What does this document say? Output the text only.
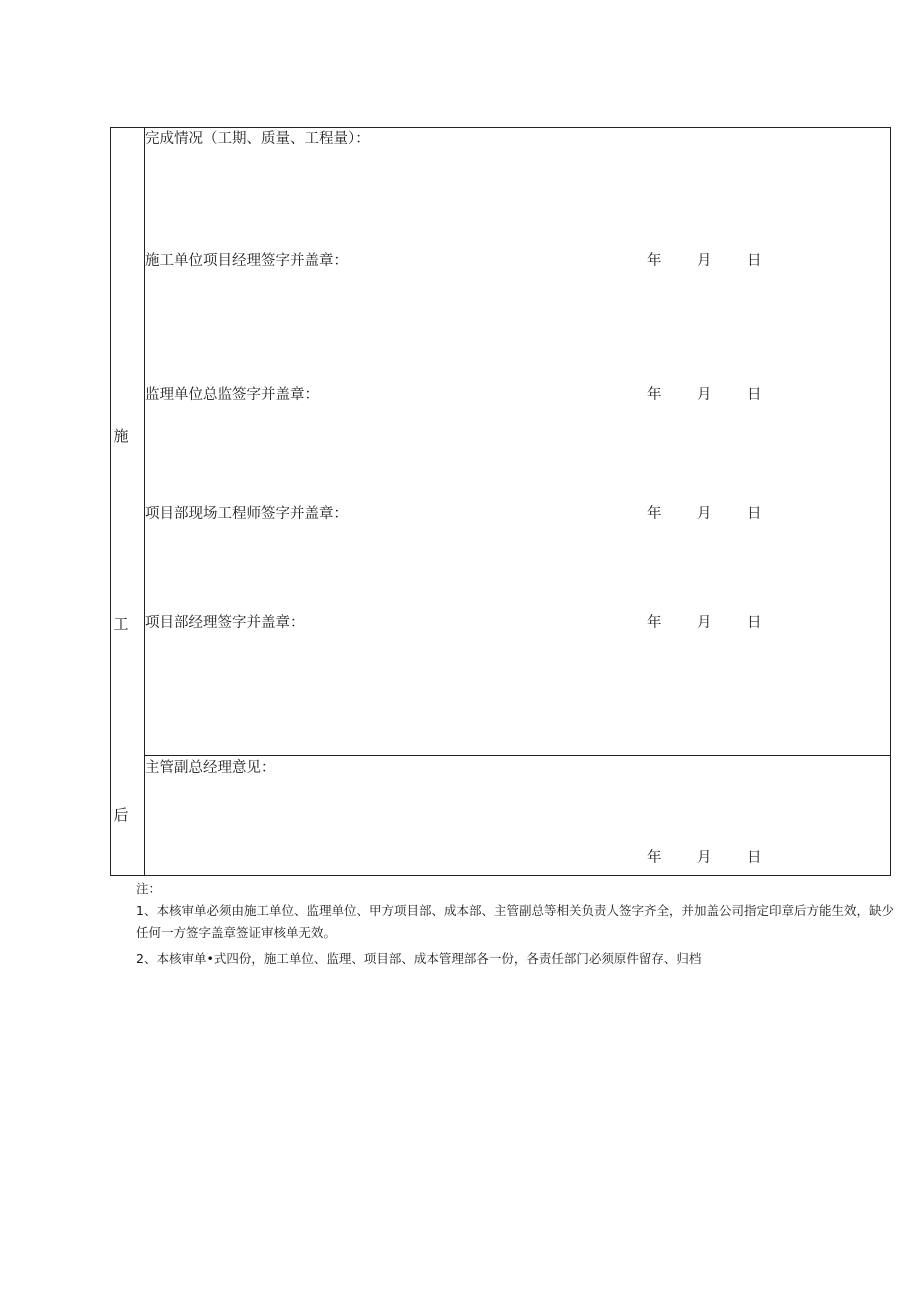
施
工
后
完成情况（工期、质量、工程量）：
施工单位项目经理签字并盖章：	年 月 日
监理单位总监签字并盖章：	年 月 日
项目部现场工程师签字并盖章：	年 月 日
项目部经理签字并盖章：	年 月 日
主管副总经理意见：
年 月 日
注：
1、本核审单必须由施工单位、监理单位、甲方项目部、成本部、主管副总等相关负责人签字齐全，并加盖公司指定印章后方能生效，缺少任何一方签字盖章签证审核单无效。
2、本核审单•式四份，施工单位、监理、项目部、成本管理部各一份，各责任部门必须原件留存、归档
